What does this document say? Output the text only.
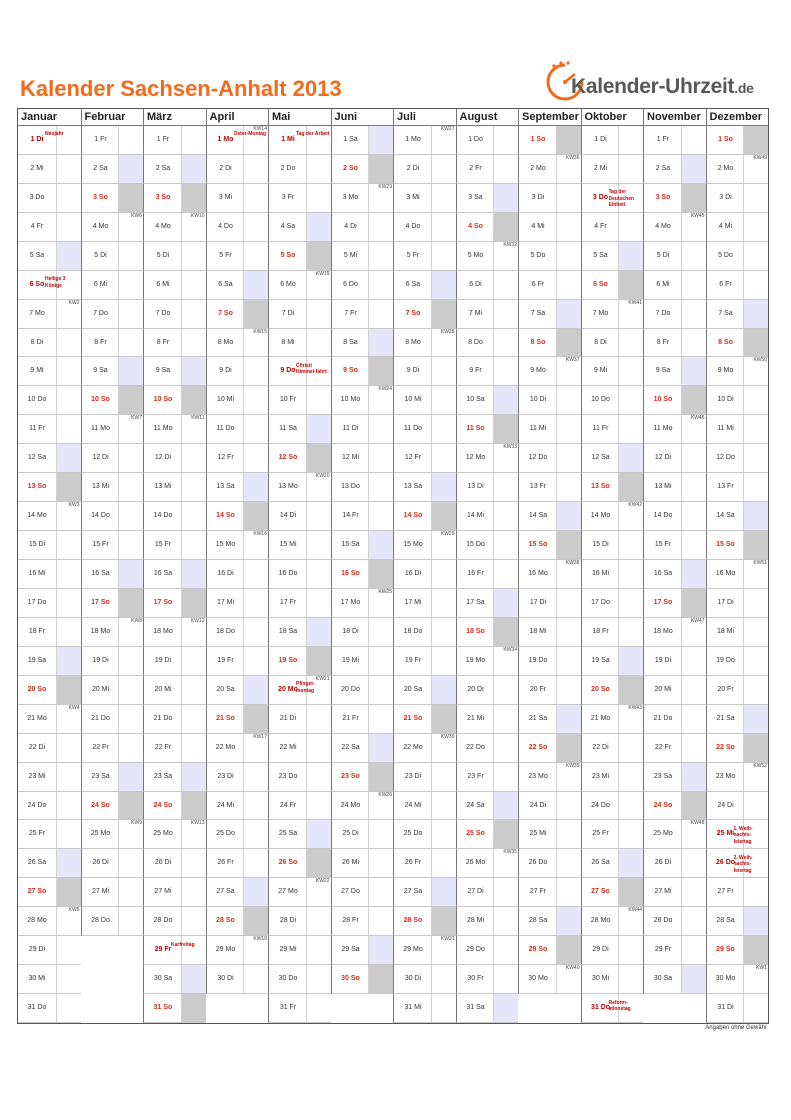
Kalender Sachsen-Anhalt 2013	Kalender-Uhrzeit.de
Januar
1 Di
Neujahr
2 Mi
3 Do
4 Fr
5 Sa
6 So
Heilige 3 Könige
7 Mo
KW2
8 Di
9 Mi
10 Do
11 Fr
12 Sa
13 So
14 Mo
KW3
15 Di
16 Mi
17 Do
18 Fr
19 Sa
20 So
21 Mo
KW4
22 Di
23 Mi
24 Do
25 Fr
26 Sa
27 So
28 Mo
KW5
29 Di
30 Mi
31 Do
Februar
1 Fr
2 Sa
3 So
4 Mo
KW6
5 Di
6 Mi
7 Do
8 Fr
9 Sa
10 So
11 Mo
KW7
12 Di
13 Mi
14 Do
15 Fr
16 Sa
17 So
18 Mo
KW8
19 Di
20 Mi
21 Do
22 Fr
23 Sa
24 So
25 Mo
KW9
26 Di
27 Mi
28 Do
März
1 Fr
2 Sa
3 So
4 Mo
KW10
5 Di
6 Mi
7 Do
8 Fr
9 Sa
10 So
11 Mo
KW11
12 Di
13 Mi
14 Do
15 Fr
16 Sa
17 So
18 Mo
KW12
19 Di
20 Mi
21 Do
22 Fr
23 Sa
24 So
25 Mo
KW13
26 Di
27 Mi
28 Do
29 Fr
Karfreitag
30 Sa
31 So
April
1 Mo
Oster-Montag
KW14
2 Di
3 Mi
4 Do
5 Fr
6 Sa
7 So
8 Mo
KW15
9 Di
10 Mi
11 Do
12 Fr
13 Sa
14 So
15 Mo
KW16
16 Di
17 Mi
18 Do
19 Fr
20 Sa
21 So
22 Mo
KW17
23 Di
24 Mi
25 Do
26 Fr
27 Sa
28 So
29 Mo
KW18
30 Di
Mai
1 Mi
Tag der Arbeit
2 Do
3 Fr
4 Sa
5 So
6 Mo
KW19
7 Di
8 Mi
9 Do
Christi Himmel-fahrt
10 Fr
11 Sa
12 So
13 Mo
KW20
14 Di
15 Mi
16 Do
17 Fr
18 Sa
19 So
20 Mo
Pfingst-montag
KW21
21 Di
22 Mi
23 Do
24 Fr
25 Sa
26 So
27 Mo
KW22
28 Di
29 Mi
30 Do
31 Fr
Juni
1 Sa
2 So
3 Mo
KW23
4 Di
5 Mi
6 Do
7 Fr
8 Sa
9 So
10 Mo
KW24
11 Di
12 Mi
13 Do
14 Fr
15 Sa
16 So
17 Mo
KW25
18 Di
19 Mi
20 Do
21 Fr
22 Sa
23 So
24 Mo
KW26
25 Di
26 Mi
27 Do
28 Fr
29 Sa
30 So
Juli
1 Mo
KW27
2 Di
3 Mi
4 Do
5 Fr
6 Sa
7 So
8 Mo
KW28
9 Di
10 Mi
11 Do
12 Fr
13 Sa
14 So
15 Mo
KW29
16 Di
17 Mi
18 Do
19 Fr
20 Sa
21 So
22 Mo
KW30
23 Di
24 Mi
25 Do
26 Fr
27 Sa
28 So
29 Mo
KW31
30 Di
31 Mi
August
1 Do
2 Fr
3 Sa
4 So
5 Mo
KW32
6 Di
7 Mi
8 Do
9 Fr
10 Sa
11 So
12 Mo
KW33
13 Di
14 Mi
15 Do
16 Fr
17 Sa
18 So
19 Mo
KW34
20 Di
21 Mi
22 Do
23 Fr
24 Sa
25 So
26 Mo
KW35
27 Di
28 Mi
29 Do
30 Fr
31 Sa
September
1 So
2 Mo
KW36
3 Di
4 Mi
5 Do
6 Fr
7 Sa
8 So
9 Mo
KW37
10 Di
11 Mi
12 Do
13 Fr
14 Sa
15 So
16 Mo
KW38
17 Di
18 Mi
19 Do
20 Fr
21 Sa
22 So
23 Mo
KW39
24 Di
25 Mi
26 Do
27 Fr
28 Sa
29 So
30 Mo
KW40
Oktober
1 Di
2 Mi
3 Do
Tag der Deutschen Einheit
4 Fr
5 Sa
6 So
7 Mo
KW41
8 Di
9 Mi
10 Do
11 Fr
12 Sa
13 So
14 Mo
KW42
15 Di
16 Mi
17 Do
18 Fr
19 Sa
20 So
21 Mo
KW43
22 Di
23 Mi
24 Do
25 Fr
26 Sa
27 So
28 Mo
KW44
29 Di
30 Mi
31 Do
Reform-ationstag
November
1 Fr
2 Sa
3 So
4 Mo
KW45
5 Di
6 Mi
7 Do
8 Fr
9 Sa
10 So
11 Mo
KW46
12 Di
13 Mi
14 Do
15 Fr
16 Sa
17 So
18 Mo
KW47
19 Di
20 Mi
21 Do
22 Fr
23 Sa
24 So
25 Mo
KW48
26 Di
27 Mi
28 Do
29 Fr
30 Sa
Dezember
1 So
2 Mo
KW49
3 Di
4 Mi
5 Do
6 Fr
7 Sa
8 So
9 Mo
KW50
10 Di
11 Mi
12 Do
13 Fr
14 Sa
15 So
16 Mo
KW51
17 Di
18 Mi
19 Do
20 Fr
21 Sa
22 So
23 Mo
KW52
24 Di
25 Mi
1. Weih-nachts-feiertag
26 Do
2. Weih-nachts-feiertag
27 Fr
28 Sa
29 So
30 Mo
KW1
31 Di
Angaben ohne Gewähr
